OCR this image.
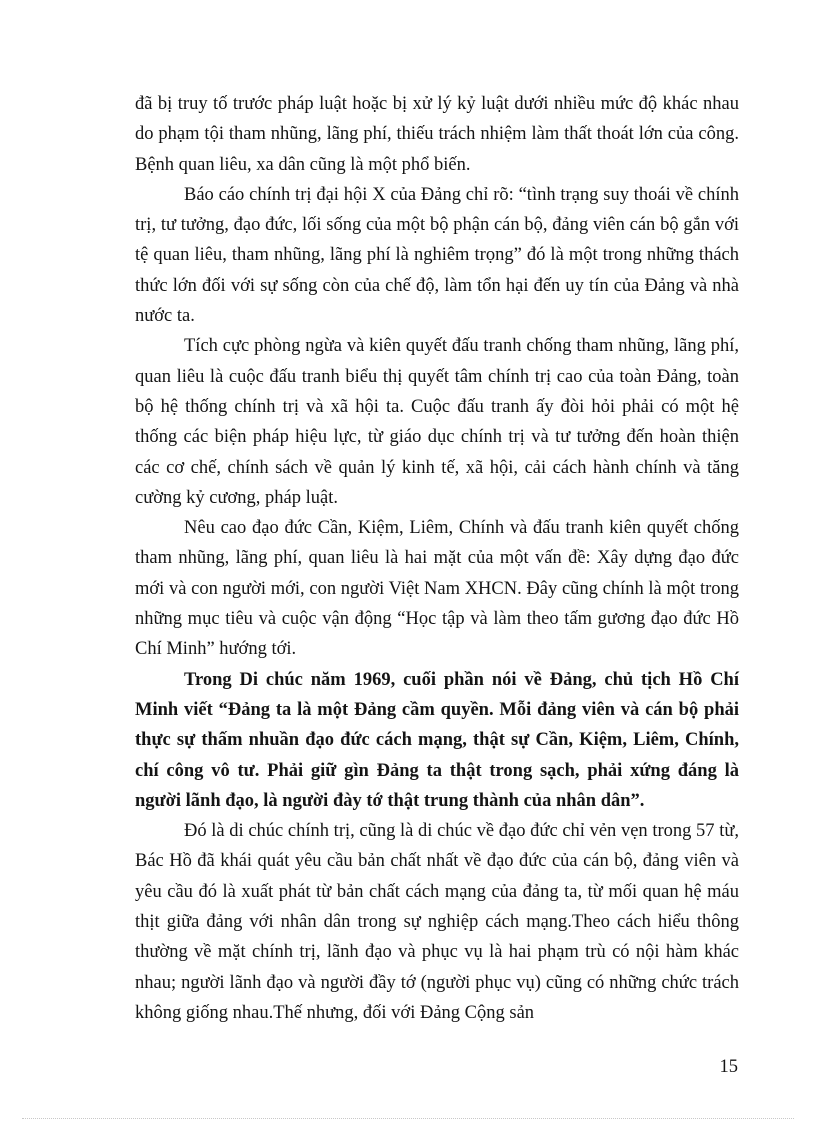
đã bị truy tố trước pháp luật hoặc bị xử lý kỷ luật dưới nhiều mức độ khác nhau do phạm tội tham nhũng, lãng phí, thiếu trách nhiệm làm thất thoát lớn của công. Bệnh quan liêu, xa dân cũng là một phổ biến.

Báo cáo chính trị đại hội X của Đảng chỉ rõ: “tình trạng suy thoái về chính trị, tư tưởng, đạo đức, lối sống của một bộ phận cán bộ, đảng viên cán bộ gắn với tệ quan liêu, tham nhũng, lãng phí là nghiêm trọng” đó là một trong những thách thức lớn đối với sự sống còn của chế độ, làm tổn hại đến uy tín của Đảng và nhà nước ta.

Tích cực phòng ngừa và kiên quyết đấu tranh chống tham nhũng, lãng phí, quan liêu là cuộc đấu tranh biểu thị quyết tâm chính trị cao của toàn Đảng, toàn bộ hệ thống chính trị và xã hội ta. Cuộc đấu tranh ấy đòi hỏi phải có một hệ thống các biện pháp hiệu lực, từ giáo dục chính trị và tư tưởng đến hoàn thiện các cơ chế, chính sách về quản lý kinh tế, xã hội, cải cách hành chính và tăng cường kỷ cương, pháp luật.

Nêu cao đạo đức Cần, Kiệm, Liêm, Chính và đấu tranh kiên quyết chống tham nhũng, lãng phí, quan liêu là hai mặt của một vấn đề: Xây dựng đạo đức mới và con người mới, con người Việt Nam XHCN. Đây cũng chính là một trong những mục tiêu và cuộc vận động “Học tập và làm theo tấm gương đạo đức Hồ Chí Minh” hướng tới.

Trong Di chúc năm 1969, cuối phần nói về Đảng, chủ tịch Hồ Chí Minh viết “Đảng ta là một Đảng cầm quyền. Mỗi đảng viên và cán bộ phải thực sự thấm nhuần đạo đức cách mạng, thật sự Cần, Kiệm, Liêm, Chính, chí công vô tư. Phải giữ gìn Đảng ta thật trong sạch, phải xứng đáng là người lãnh đạo, là người đày tớ thật trung thành của nhân dân”.

Đó là di chúc chính trị, cũng là di chúc về đạo đức chỉ vẻn vẹn trong 57 từ, Bác Hồ đã khái quát yêu cầu bản chất nhất về đạo đức của cán bộ, đảng viên và yêu cầu đó là xuất phát từ bản chất cách mạng của đảng ta, từ mối quan hệ máu thịt giữa đảng với nhân dân trong sự nghiệp cách mạng.Theo cách hiểu thông thường về mặt chính trị, lãnh đạo và phục vụ là hai phạm trù có nội hàm khác nhau; người lãnh đạo và người đầy tớ (người phục vụ) cũng có những chức trách không giống nhau.Thế nhưng, đối với Đảng Cộng sản

15
